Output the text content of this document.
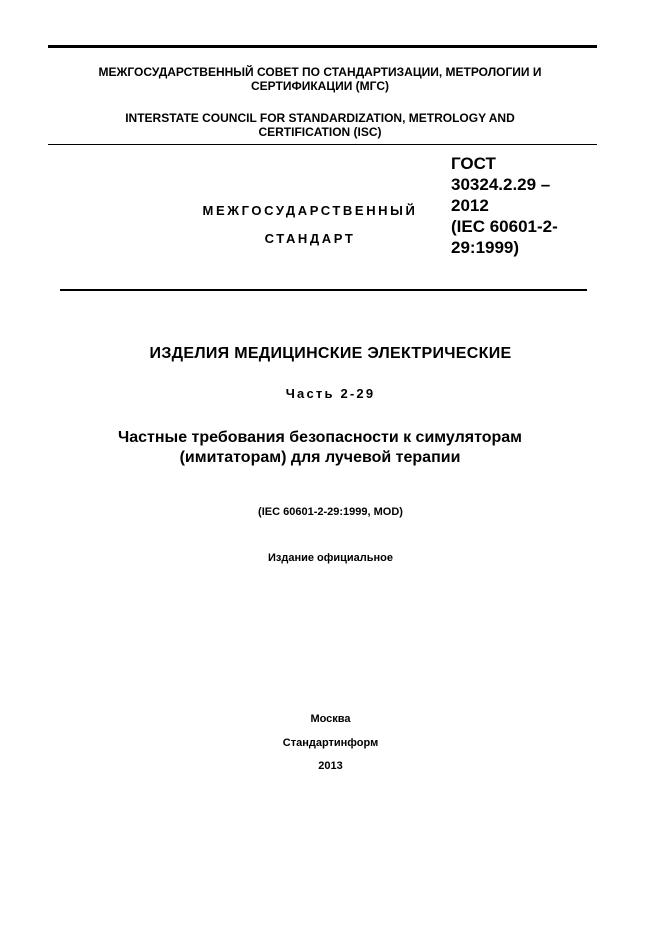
МЕЖГОСУДАРСТВЕННЫЙ СОВЕТ ПО СТАНДАРТИЗАЦИИ, МЕТРОЛОГИИ И СЕРТИФИКАЦИИ (МГС)
INTERSTATE COUNCIL FOR STANDARDIZATION, METROLOGY AND CERTIFICATION (ISC)
МЕЖГОСУДАРСТВЕННЫЙ
СТАНДАРТ
ГОСТ
30324.2.29 –
2012
(IEC 60601-2-
29:1999)
ИЗДЕЛИЯ МЕДИЦИНСКИЕ ЭЛЕКТРИЧЕСКИЕ
Часть 2-29
Частные требования безопасности к симуляторам
(имитаторам) для лучевой терапии
(IEC 60601-2-29:1999, MOD)
Издание официальное
Москва
Стандартинформ
2013
